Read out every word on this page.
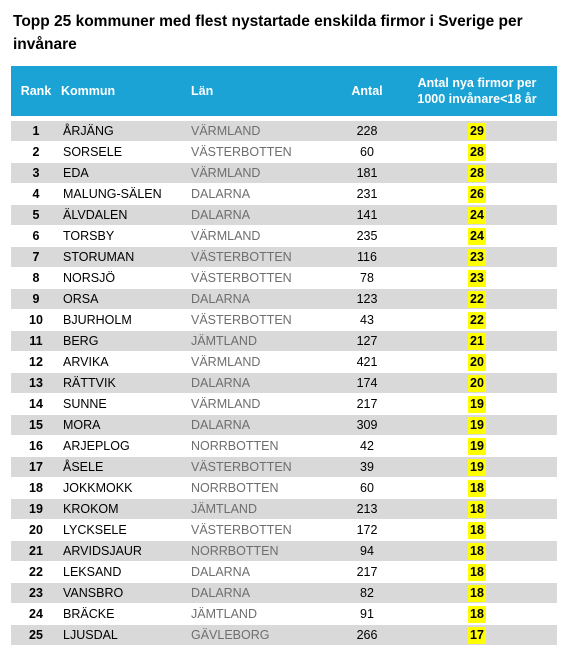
Topp 25 kommuner med flest nystartade enskilda firmor i Sverige per invånare
Rank	Kommun	Län	Antal	Antal nya firmor per 1000 invånare<18 år

1	ÅRJÄNG	VÄRMLAND	228	29
2	SORSELE	VÄSTERBOTTEN	60	28
3	EDA	VÄRMLAND	181	28
4	MALUNG-SÄLEN	DALARNA	231	26
5	ÄLVDALEN	DALARNA	141	24
6	TORSBY	VÄRMLAND	235	24
7	STORUMAN	VÄSTERBOTTEN	116	23
8	NORSJÖ	VÄSTERBOTTEN	78	23
9	ORSA	DALARNA	123	22
10	BJURHOLM	VÄSTERBOTTEN	43	22
11	BERG	JÄMTLAND	127	21
12	ARVIKA	VÄRMLAND	421	20
13	RÄTTVIK	DALARNA	174	20
14	SUNNE	VÄRMLAND	217	19
15	MORA	DALARNA	309	19
16	ARJEPLOG	NORRBOTTEN	42	19
17	ÅSELE	VÄSTERBOTTEN	39	19
18	JOKKMOKK	NORRBOTTEN	60	18
19	KROKOM	JÄMTLAND	213	18
20	LYCKSELE	VÄSTERBOTTEN	172	18
21	ARVIDSJAUR	NORRBOTTEN	94	18
22	LEKSAND	DALARNA	217	18
23	VANSBRO	DALARNA	82	18
24	BRÄCKE	JÄMTLAND	91	18
25	LJUSDAL	GÄVLEBORG	266	17
